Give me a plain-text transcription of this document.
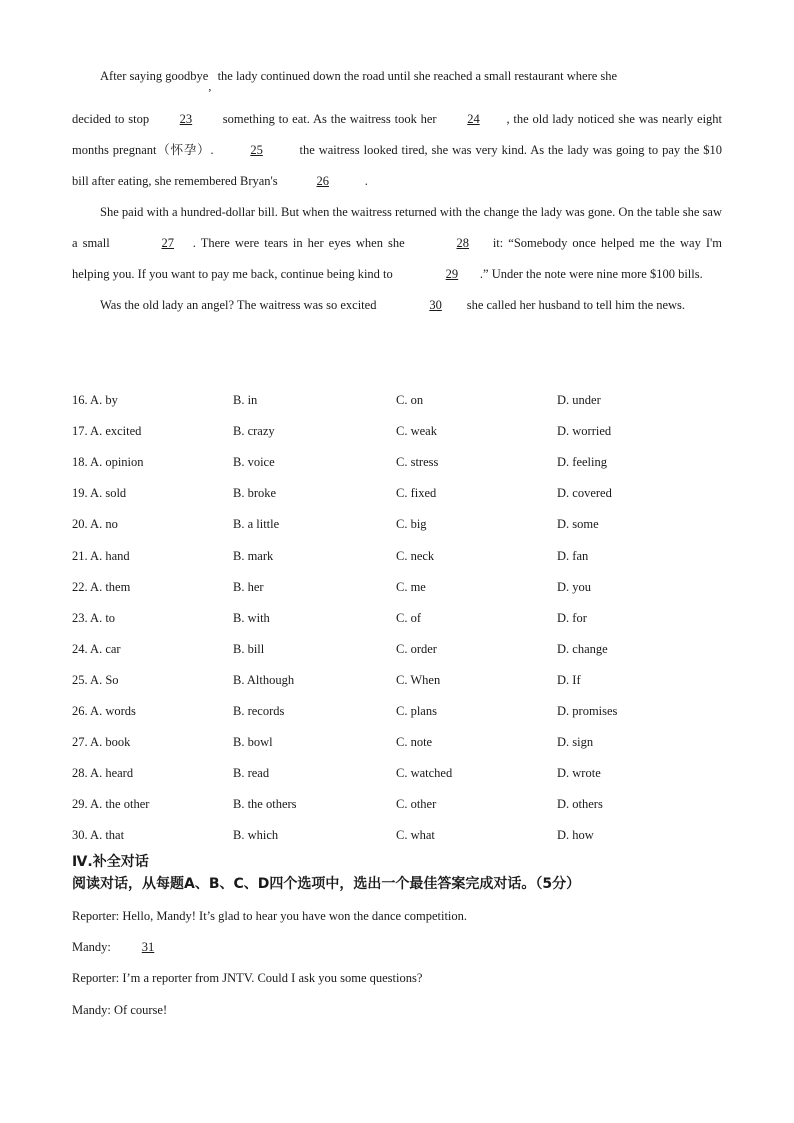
After saying goodbye,  the lady continued down the road until she reached a small restaurant where she

decided to stop 23 something to eat. As the waitress took her 24 , the old lady noticed she was nearly eight months pregnant（怀孕）.	25	the waitress looked tired, she was very kind. As the lady was going to pay the $10 bill after eating, she remembered Bryan's	26	.

She paid with a hundred-dollar bill. But when the waitress returned with the change the lady was gone. On the table she saw a small	27 . There were tears in her eyes when she	28 it: “Somebody once helped me the way I'm helping you. If you want to pay me back, continue being kind to	29 .” Under the note were nine more $100 bills.

Was the old lady an angel? The waitress was so excited	30 she called her husband to tell him the news.

16. A. by	B. in	C. on	D. under
17. A. excited	B. crazy	C. weak	D. worried
18. A. opinion	B. voice	C. stress	D. feeling
19. A. sold	B. broke	C. fixed	D. covered
20. A. no	B. a little	C. big	D. some
21. A. hand	B. mark	C. neck	D. fan
22. A. them	B. her	C. me	D. you
23. A. to	B. with	C. of	D. for
24. A. car	B. bill	C. order	D. change
25. A. So	B. Although	C. When	D. If
26. A. words	B. records	C. plans	D. promises
27. A. book	B. bowl	C. note	D. sign
28. A. heard	B. read	C. watched	D. wrote
29. A. the other	B. the others	C. other	D. others
30. A. that	B. which	C. what	D. how

Ⅳ.补全对话

阅读对话，从每题A、B、C、D四个选项中，选出一个最佳答案完成对话。（5分）

Reporter: Hello, Mandy! It’s glad to hear you have won the dance competition.

Mandy: 31

Reporter: I’m a reporter from JNTV. Could I ask you some questions?

Mandy: Of course!
